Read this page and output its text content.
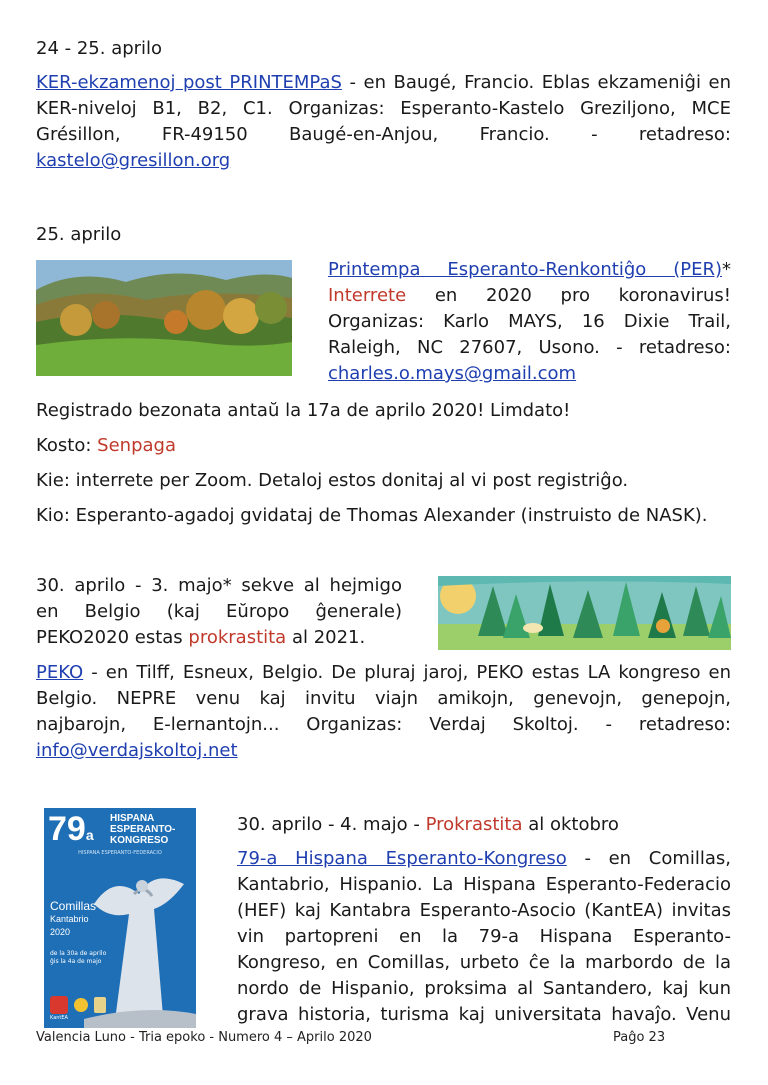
24 - 25. aprilo

KER-ekzamenoj post PRINTEMPaS - en Baugé, Francio. Eblas ekzameniĝi en

KER-niveloj B1, B2, C1. Organizas: Esperanto-Kastelo Greziljono, MCE

Grésillon, FR-49150 Baugé-en-Anjou, Francio. - retadreso:

kastelo@gresillon.org

25. aprilo

Printempa Esperanto-Renkontiĝo (PER)*

Interrete en 2020 pro koronavirus!

Organizas: Karlo MAYS, 16 Dixie Trail,

Raleigh, NC 27607, Usono. - retadreso:

charles.o.mays@gmail.com

Registrado bezonata antaŭ la 17a de aprilo 2020! Limdato!
Kosto: Senpaga
Kie: interrete per Zoom. Detaloj estos donitaj al vi post registriĝo.
Kio: Esperanto-agadoj gvidataj de Thomas Alexander (instruisto de NASK).

30. aprilo - 3. majo* sekve al hejmigo

en Belgio (kaj Eŭropo ĝenerale)

PEKO2020 estas prokrastita al 2021.

PEKO - en Tilff, Esneux, Belgio. De pluraj jaroj, PEKO estas LA kongreso en

Belgio. NEPRE venu kaj invitu viajn amikojn, genevojn, genepojn,

najbarojn, E-lernantojn... Organizas: Verdaj Skoltoj. - retadreso:

info@verdajskoltoj.net

79a
HISPANA
ESPERANTO-
KONGRESO
HISPANA ESPERANTO-FEDERACIO
Comillas
Kantabrio
2020
de la 30a de aprilo
ĝis la 4a de majo
KantEA
30. aprilo - 4. majo - Prokrastita al oktobro

79-a Hispana Esperanto-Kongreso - en Comillas,

Kantabrio, Hispanio. La Hispana Esperanto-Federacio

(HEF) kaj Kantabra Esperanto-Asocio (KantEA) invitas

vin partopreni en la 79-a Hispana Esperanto-

Kongreso, en Comillas, urbeto ĉe la marbordo de la

nordo de Hispanio, proksima al Santandero, kaj kun

grava historia, turisma kaj universitata havaĵo. Venu

Valencia Luno - Tria epoko - Numero 4 – Aprilo 2020	Paĝo 23
